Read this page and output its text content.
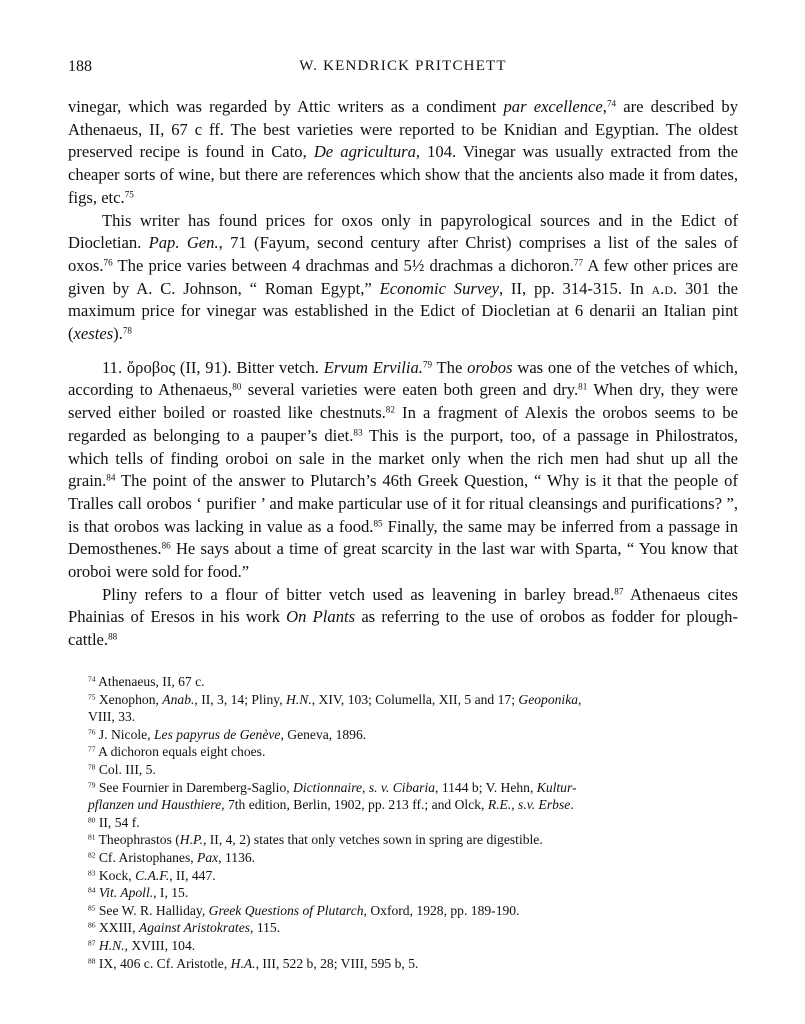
188	W. KENDRICK PRITCHETT

vinegar, which was regarded by Attic writers as a condiment par excellence,$^{74}$ are described by Athenaeus, II, 67 c ff. The best varieties were reported to be Knidian and Egyptian. The oldest preserved recipe is found in Cato, De agricultura, 104. Vinegar was usually extracted from the cheaper sorts of wine, but there are references which show that the ancients also made it from dates, figs, etc.$^{75}$

This writer has found prices for oxos only in papyrological sources and in the Edict of Diocletian. Pap. Gen., 71 (Fayum, second century after Christ) comprises a list of the sales of oxos.$^{76}$ The price varies between 4 drachmas and 5½ drachmas a dichoron.$^{77}$ A few other prices are given by A. C. Johnson, “ Roman Egypt,” Economic Survey, II, pp. 314-315. In a.d. 301 the maximum price for vinegar was established in the Edict of Diocletian at 6 denarii an Italian pint (xestes).$^{78}$

11. ὄροβος (II, 91). Bitter vetch. Ervum Ervilia.$^{79}$ The orobos was one of the vetches of which, according to Athenaeus,$^{80}$ several varieties were eaten both green and dry.$^{81}$ When dry, they were served either boiled or roasted like chestnuts.$^{82}$ In a fragment of Alexis the orobos seems to be regarded as belonging to a pauper’s diet.$^{83}$ This is the purport, too, of a passage in Philostratos, which tells of finding oroboi on sale in the market only when the rich men had shut up all the grain.$^{84}$ The point of the answer to Plutarch’s 46th Greek Question, “ Why is it that the people of Tralles call orobos ‘ purifier ’ and make particular use of it for ritual cleansings and purifications? ”, is that orobos was lacking in value as a food.$^{85}$ Finally, the same may be inferred from a passage in Demosthenes.$^{86}$ He says about a time of great scarcity in the last war with Sparta, “ You know that oroboi were sold for food.”

Pliny refers to a flour of bitter vetch used as leavening in barley bread.$^{87}$ Athenaeus cites Phainias of Eresos in his work On Plants as referring to the use of orobos as fodder for plough-cattle.$^{88}$

$^{74}$ Athenaeus, II, 67 c.

$^{75}$ Xenophon, Anab., II, 3, 14; Pliny, H.N., XIV, 103; Columella, XII, 5 and 17; Geoponika,

VIII, 33.

$^{76}$ J. Nicole, Les papyrus de Genève, Geneva, 1896.

$^{77}$ A dichoron equals eight choes.

$^{78}$ Col. III, 5.

$^{79}$ See Fournier in Daremberg-Saglio, Dictionnaire, s. v. Cibaria, 1144 b; V. Hehn, Kultur-

pflanzen und Hausthiere, 7th edition, Berlin, 1902, pp. 213 ff.; and Olck, R.E., s.v. Erbse.

$^{80}$ II, 54 f.

$^{81}$ Theophrastos (H.P., II, 4, 2) states that only vetches sown in spring are digestible.

$^{82}$ Cf. Aristophanes, Pax, 1136.

$^{83}$ Kock, C.A.F., II, 447.

$^{84}$ Vit. Apoll., I, 15.

$^{85}$ See W. R. Halliday, Greek Questions of Plutarch, Oxford, 1928, pp. 189-190.

$^{86}$ XXIII, Against Aristokrates, 115.

$^{87}$ H.N., XVIII, 104.

$^{88}$ IX, 406 c. Cf. Aristotle, H.A., III, 522 b, 28; VIII, 595 b, 5.
